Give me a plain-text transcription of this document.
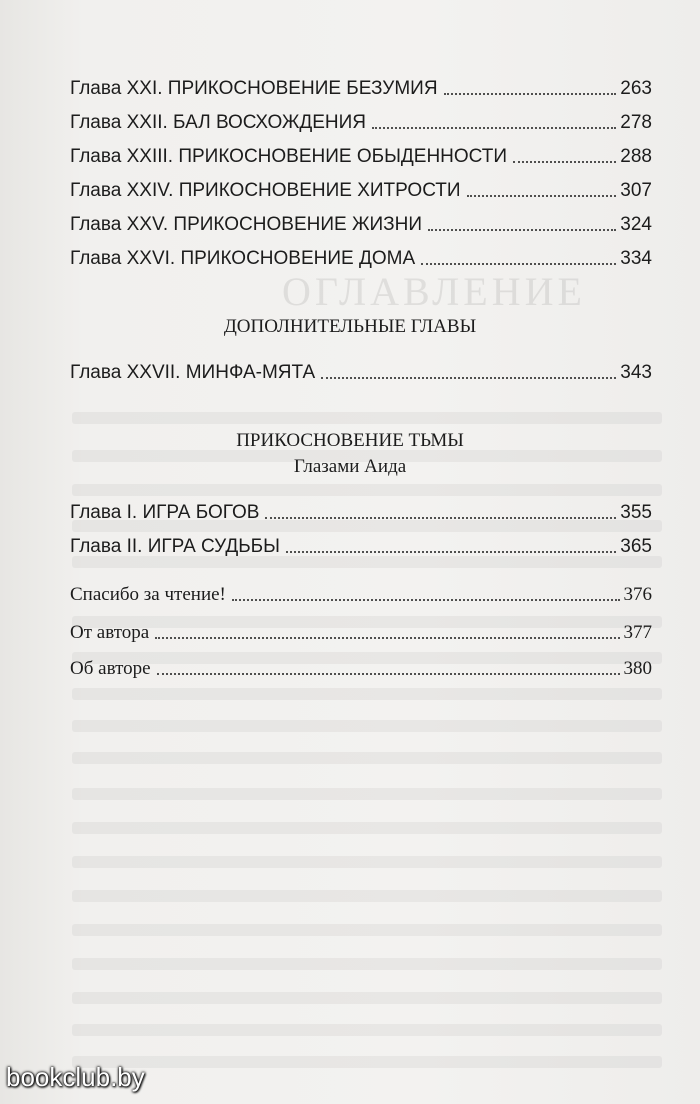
ОГЛАВЛЕНИЕ
Глава XXI. ПРИКОСНОВЕНИЕ БЕЗУМИЯ	263
Глава XXII. БАЛ ВОСХОЖДЕНИЯ	278
Глава XXIII. ПРИКОСНОВЕНИЕ ОБЫДЕННОСТИ	288
Глава XXIV. ПРИКОСНОВЕНИЕ ХИТРОСТИ	307
Глава XXV. ПРИКОСНОВЕНИЕ ЖИЗНИ	324
Глава XXVI. ПРИКОСНОВЕНИЕ ДОМА	334
ДОПОЛНИТЕЛЬНЫЕ ГЛАВЫ
Глава XXVII. МИНФА-МЯТА	343
ПРИКОСНОВЕНИЕ ТЬМЫ
Глазами Аида
Глава I. ИГРА БОГОВ	355
Глава II. ИГРА СУДЬБЫ	365
Спасибо за чтение!	376
От автора	377
Об авторе	380
bookclub.by
